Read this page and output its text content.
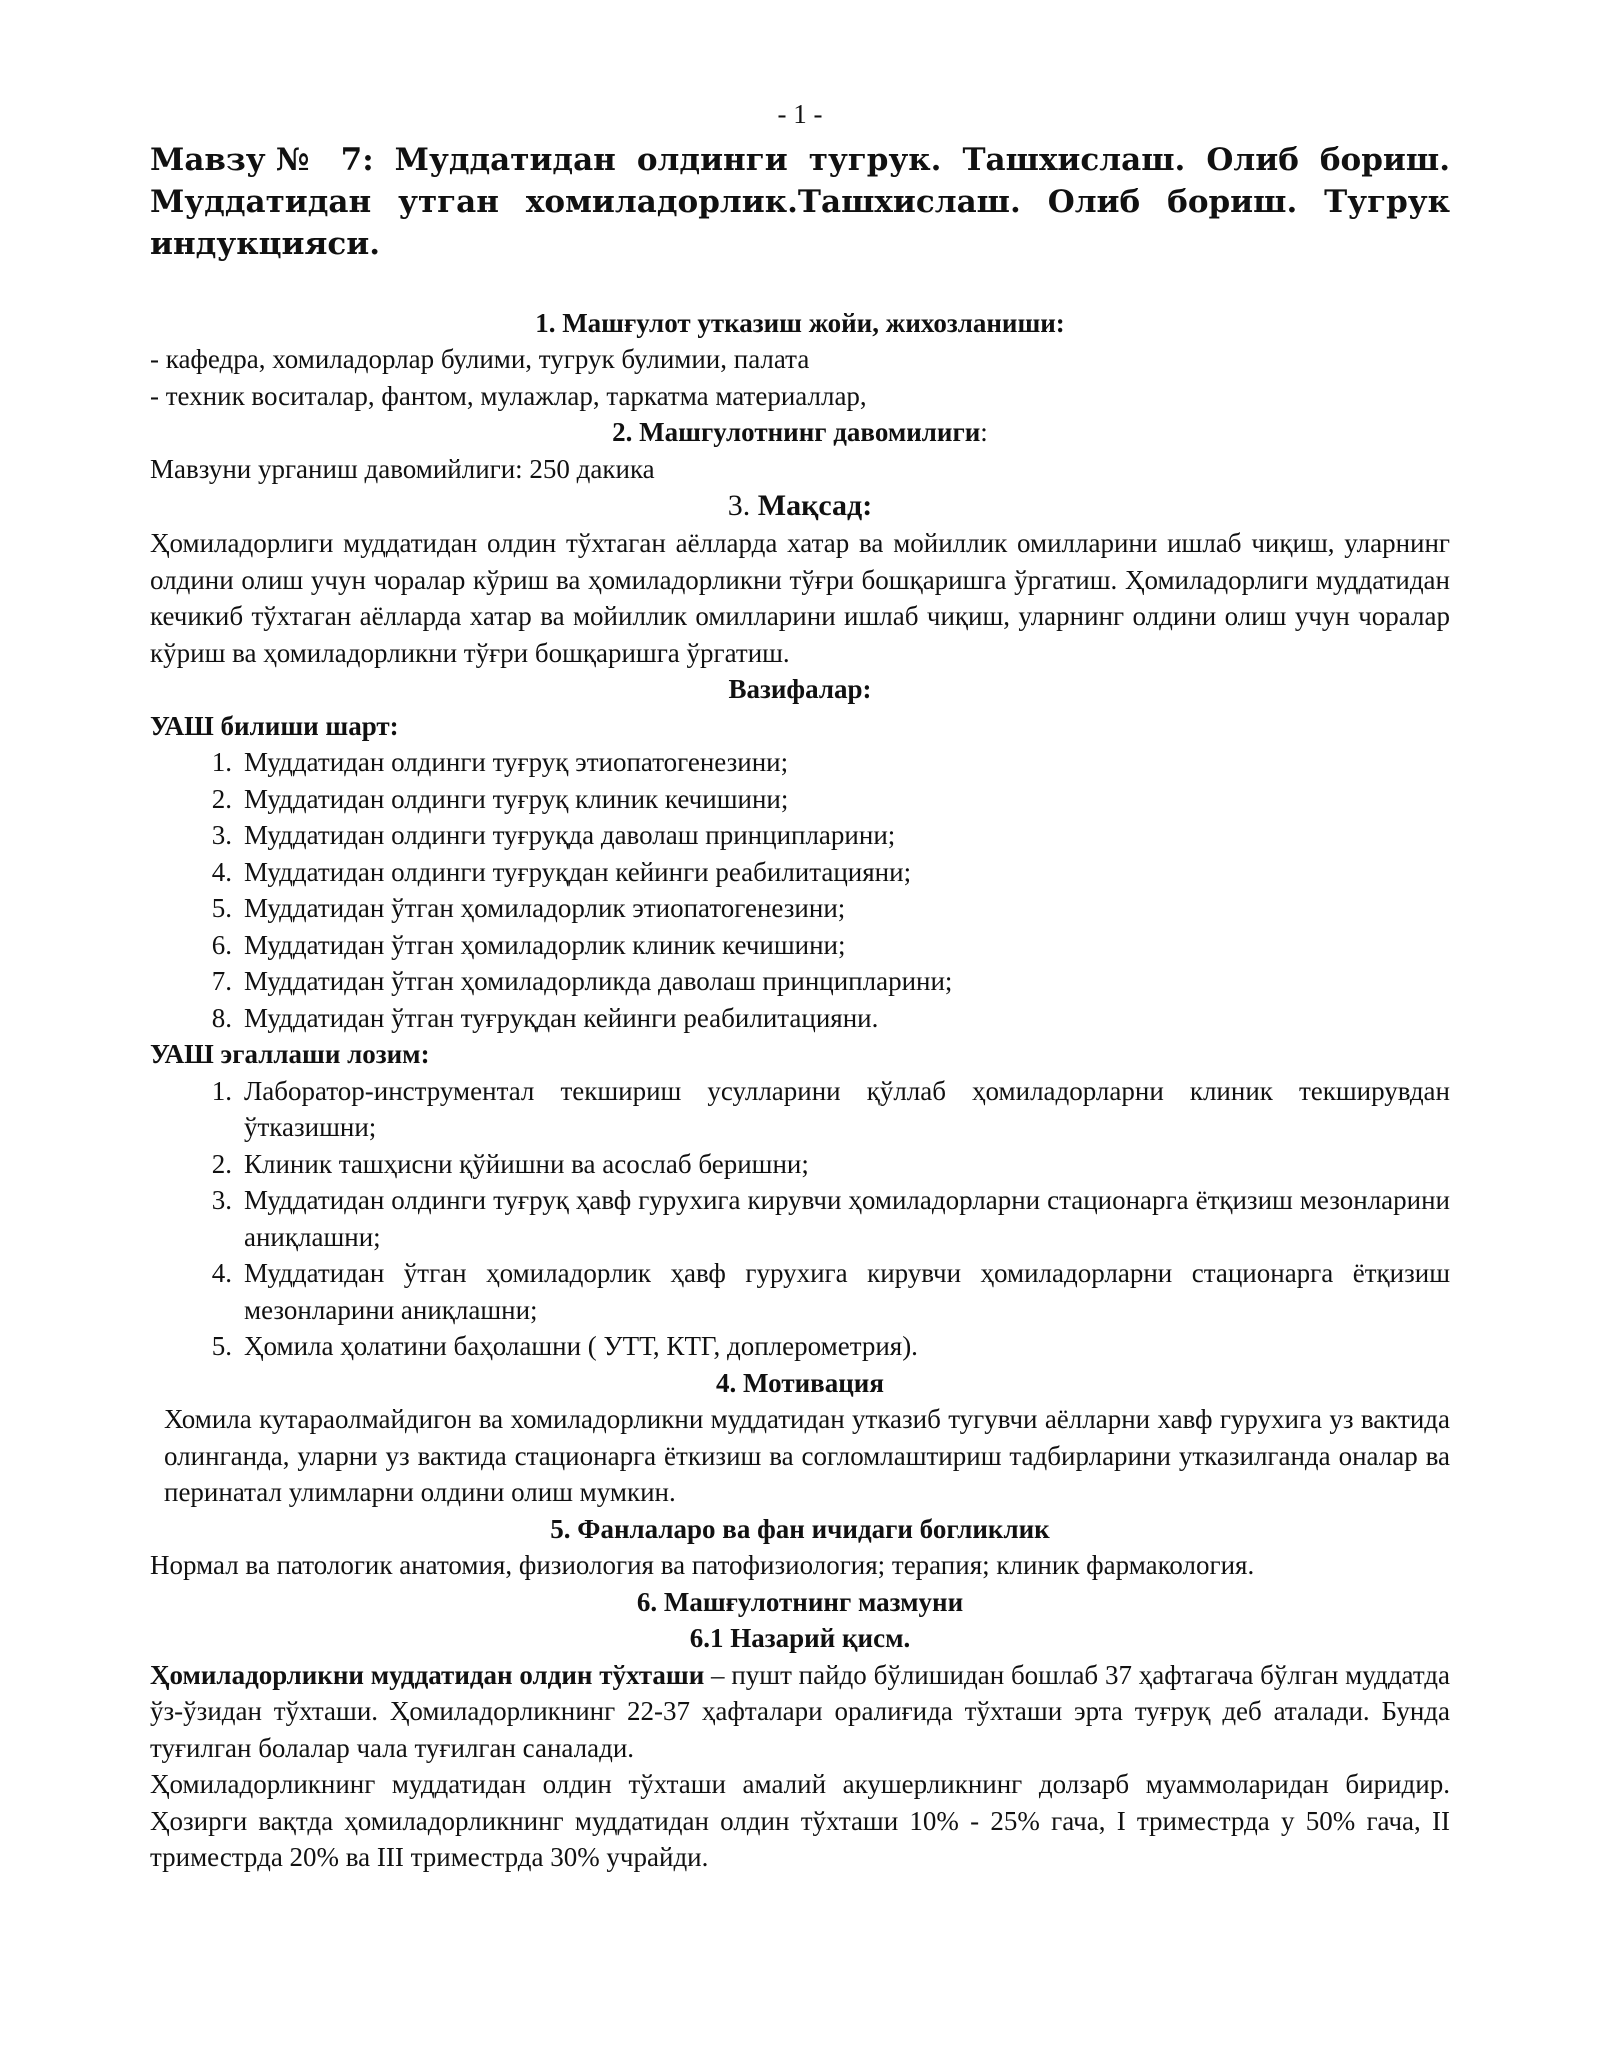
- 1 -

Мавзу№ 7: Муддатидан олдинги тугрук. Ташхислаш. Олиб бориш. Муддатидан утган хомиладорлик.Ташхислаш. Олиб бориш. Тугрук индукцияси.

1. Машғулот утказиш жойи, жихозланиши:

- кафедра, хомиладорлар булими, тугрук булимии, палата

- техник воситалар, фантом, мулажлар, таркатма материаллар,

2. Машгулотнинг давомилиги:

Мавзуни урганиш давомийлиги: 250 дакика

3. Мақсад:

Ҳомиладорлиги муддатидан олдин тўхтаган аёлларда хатар ва мойиллик омилларини ишлаб чиқиш, уларнинг олдини олиш учун чоралар кўриш ва ҳомиладорликни тўғри бошқаришга ўргатиш. Ҳомиладорлиги муддатидан кечикиб тўхтаган аёлларда хатар ва мойиллик омилларини ишлаб чиқиш, уларнинг олдини олиш учун чоралар кўриш ва ҳомиладорликни тўғри бошқаришга ўргатиш.

Вазифалар:

УАШ билиши шарт:

1. Муддатидан олдинги туғруқ этиопатогенезини;
2. Муддатидан олдинги туғруқ клиник кечишини;
3. Муддатидан олдинги туғруқда даволаш принципларини;
4. Муддатидан олдинги туғруқдан кейинги реабилитацияни;
5. Муддатидан ўтган ҳомиладорлик этиопатогенезини;
6. Муддатидан ўтган ҳомиладорлик клиник кечишини;
7. Муддатидан ўтган ҳомиладорликда даволаш принципларини;
8. Муддатидан ўтган туғруқдан кейинги реабилитацияни.

УАШ эгаллаши лозим:

1. Лаборатор-инструментал текшириш усулларини қўллаб ҳомиладорларни клиник текширувдан ўтказишни;
2. Клиник ташҳисни қўйишни ва асослаб беришни;
3. Муддатидан олдинги туғруқ ҳавф гурухига кирувчи ҳомиладорларни стационарга ётқизиш мезонларини аниқлашни;
4. Муддатидан ўтган ҳомиладорлик ҳавф гурухига кирувчи ҳомиладорларни стационарга ётқизиш мезонларини аниқлашни;
5. Ҳомила ҳолатини баҳолашни ( УТТ, КТГ, доплерометрия).
4. Мотивация

Хомила кутараолмайдигон ва хомиладорликни муддатидан утказиб тугувчи аёлларни хавф гурухига уз вактида олинганда, уларни уз вактида стационарга ёткизиш ва согломлаштириш тадбирларини утказилганда оналар ва перинатал улимларни олдини олиш мумкин.

5. Фанлаларо ва фан ичидаги богликлик

Нормал ва патологик анатомия, физиология ва патофизиология; терапия; клиник фармакология.

6. Машғулотнинг мазмуни
6.1 Назарий қисм.

Ҳомиладорликни муддатидан олдин тўхташи – пушт пайдо бўлишидан бошлаб 37 ҳафтагача бўлган муддатда ўз-ўзидан тўхташи. Ҳомиладорликнинг 22-37 ҳафталари оралиғида тўхташи эрта туғруқ деб аталади. Бунда туғилган болалар чала туғилган саналади.

Ҳомиладорликнинг муддатидан олдин тўхташи амалий акушерликнинг долзарб муаммоларидан биридир. Ҳозирги вақтда ҳомиладорликнинг муддатидан олдин тўхташи 10% - 25% гача, I триместрда у 50% гача, II триместрда 20% ва III триместрда 30% учрайди.
